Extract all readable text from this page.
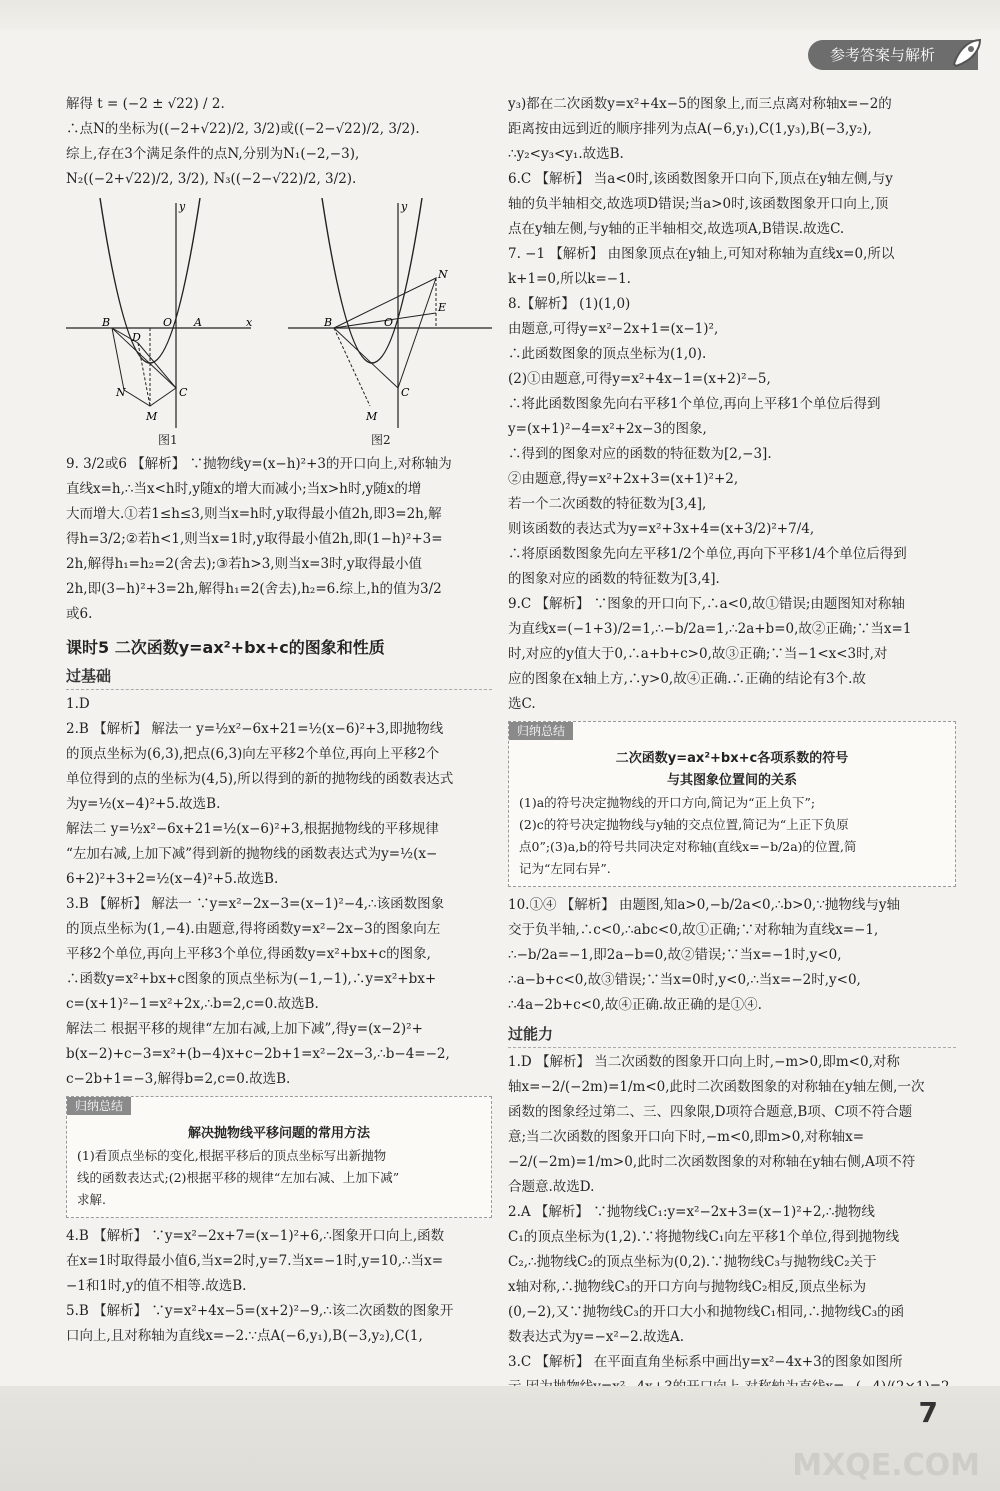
参考答案与解析
解得 t = (−2 ± √22) / 2.
∴点N的坐标为((−2+√22)/2, 3/2)或((−2−√22)/2, 3/2).
综上,存在3个满足条件的点N,分别为N₁(−2,−3),
N₂((−2+√22)/2, 3/2), N₃((−2−√22)/2, 3/2).
B
D
O A	x
y
N	C
M
B	O
N
E
y
C
M
图1	图2
9. 3/2或6 【解析】 ∵抛物线y=(x−h)²+3的开口向上,对称轴为
直线x=h,∴当x<h时,y随x的增大而减小;当x>h时,y随x的增
大而增大.①若1≤h≤3,则当x=h时,y取得最小值2h,即3=2h,解
得h=3/2;②若h<1,则当x=1时,y取得最小值2h,即(1−h)²+3=
2h,解得h₁=h₂=2(舍去);③若h>3,则当x=3时,y取得最小值
2h,即(3−h)²+3=2h,解得h₁=2(舍去),h₂=6.综上,h的值为3/2
或6.
课时5 二次函数y=ax²+bx+c的图象和性质
过基础
1.D
2.B 【解析】 解法一 y=½x²−6x+21=½(x−6)²+3,即抛物线
的顶点坐标为(6,3),把点(6,3)向左平移2个单位,再向上平移2个
单位得到的点的坐标为(4,5),所以得到的新的抛物线的函数表达式
为y=½(x−4)²+5.故选B.
解法二 y=½x²−6x+21=½(x−6)²+3,根据抛物线的平移规律
“左加右减,上加下减”得到新的抛物线的函数表达式为y=½(x−
6+2)²+3+2=½(x−4)²+5.故选B.
3.B 【解析】 解法一 ∵y=x²−2x−3=(x−1)²−4,∴该函数图象
的顶点坐标为(1,−4).由题意,得将函数y=x²−2x−3的图象向左
平移2个单位,再向上平移3个单位,得函数y=x²+bx+c的图象,
∴函数y=x²+bx+c图象的顶点坐标为(−1,−1),∴y=x²+bx+
c=(x+1)²−1=x²+2x,∴b=2,c=0.故选B.
解法二 根据平移的规律“左加右减,上加下减”,得y=(x−2)²+
b(x−2)+c−3=x²+(b−4)x+c−2b+1=x²−2x−3,∴b−4=−2,
c−2b+1=−3,解得b=2,c=0.故选B.
归纳总结
解决抛物线平移问题的常用方法
(1)看顶点坐标的变化,根据平移后的顶点坐标写出新抛物
线的函数表达式;(2)根据平移的规律“左加右减、上加下减”
求解.
4.B 【解析】 ∵y=x²−2x+7=(x−1)²+6,∴图象开口向上,函数
在x=1时取得最小值6,当x=2时,y=7.当x=−1时,y=10,∴当x=
−1和1时,y的值不相等.故选B.
5.B 【解析】 ∵y=x²+4x−5=(x+2)²−9,∴该二次函数的图象开
口向上,且对称轴为直线x=−2.∵点A(−6,y₁),B(−3,y₂),C(1,
y₃)都在二次函数y=x²+4x−5的图象上,而三点离对称轴x=−2的
距离按由远到近的顺序排列为点A(−6,y₁),C(1,y₃),B(−3,y₂),
∴y₂<y₃<y₁.故选B.
6.C 【解析】 当a<0时,该函数图象开口向下,顶点在y轴左侧,与y
轴的负半轴相交,故选项D错误;当a>0时,该函数图象开口向上,顶
点在y轴左侧,与y轴的正半轴相交,故选项A,B错误.故选C.
7. −1 【解析】 由图象顶点在y轴上,可知对称轴为直线x=0,所以
k+1=0,所以k=−1.
8.【解析】 (1)(1,0)
由题意,可得y=x²−2x+1=(x−1)²,
∴此函数图象的顶点坐标为(1,0).
(2)①由题意,可得y=x²+4x−1=(x+2)²−5,
∴将此函数图象先向右平移1个单位,再向上平移1个单位后得到
y=(x+1)²−4=x²+2x−3的图象,
∴得到的图象对应的函数的特征数为[2,−3].
②由题意,得y=x²+2x+3=(x+1)²+2,
若一个二次函数的特征数为[3,4],
则该函数的表达式为y=x²+3x+4=(x+3/2)²+7/4,
∴将原函数图象先向左平移1/2个单位,再向下平移1/4个单位后得到
的图象对应的函数的特征数为[3,4].
9.C 【解析】 ∵图象的开口向下,∴a<0,故①错误;由题图知对称轴
为直线x=(−1+3)/2=1,∴−b/2a=1,∴2a+b=0,故②正确;∵当x=1
时,对应的y值大于0,∴a+b+c>0,故③正确;∵当−1<x<3时,对
应的图象在x轴上方,∴y>0,故④正确.∴正确的结论有3个.故
选C.
归纳总结
二次函数y=ax²+bx+c各项系数的符号
与其图象位置间的关系
(1)a的符号决定抛物线的开口方向,简记为“正上负下”;
(2)c的符号决定抛物线与y轴的交点位置,简记为“上正下负原
点0”;(3)a,b的符号共同决定对称轴(直线x=−b/2a)的位置,简
记为“左同右异”.
10.①④ 【解析】 由题图,知a>0,−b/2a<0,∴b>0,∵抛物线与y轴
交于负半轴,∴c<0,∴abc<0,故①正确;∵对称轴为直线x=−1,
∴−b/2a=−1,即2a−b=0,故②错误;∵当x=−1时,y<0,
∴a−b+c<0,故③错误;∵当x=0时,y<0,∴当x=−2时,y<0,
∴4a−2b+c<0,故④正确.故正确的是①④.
过能力
1.D 【解析】 当二次函数的图象开口向上时,−m>0,即m<0,对称
轴x=−2/(−2m)=1/m<0,此时二次函数图象的对称轴在y轴左侧,一次
函数的图象经过第二、三、四象限,D项符合题意,B项、C项不符合题
意;当二次函数的图象开口向下时,−m<0,即m>0,对称轴x=
−2/(−2m)=1/m>0,此时二次函数图象的对称轴在y轴右侧,A项不符
合题意.故选D.
2.A 【解析】 ∵抛物线C₁:y=x²−2x+3=(x−1)²+2,∴抛物线
C₁的顶点坐标为(1,2).∵将抛物线C₁向左平移1个单位,得到抛物线
C₂,∴抛物线C₂的顶点坐标为(0,2).∵抛物线C₃与抛物线C₂关于
x轴对称,∴抛物线C₃的开口方向与抛物线C₂相反,顶点坐标为
(0,−2),又∵抛物线C₃的开口大小和抛物线C₁相同,∴抛物线C₃的函
数表达式为y=−x²−2.故选A.
3.C 【解析】 在平面直角坐标系中画出y=x²−4x+3的图象如图所
7
MXQE.COM
